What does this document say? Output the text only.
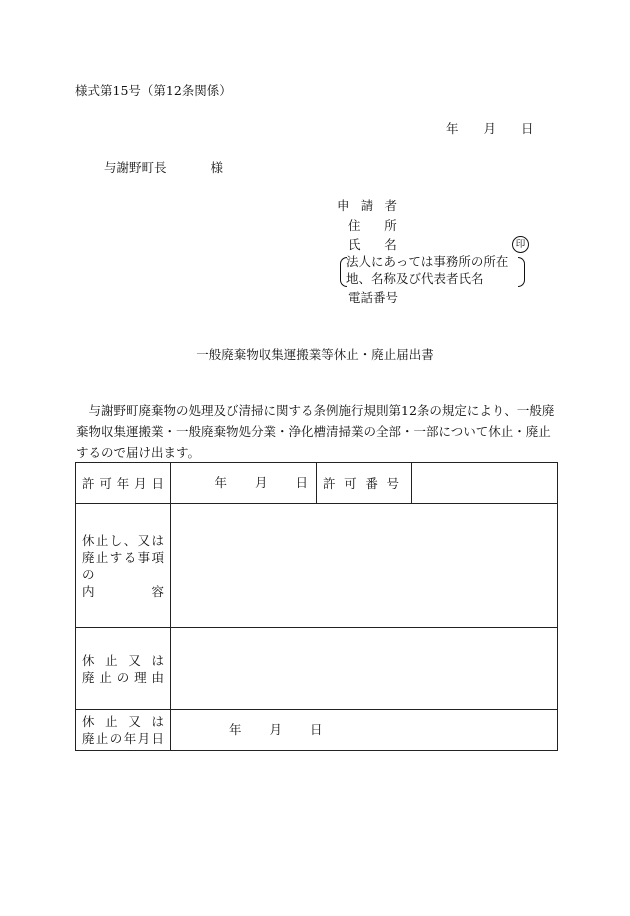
様式第15号（第12条関係）
年 月 日
与謝野町長	様
申請者
住所
氏名	印
法人にあっては事務所の所在
地、名称及び代表者氏名
電話番号
一般廃棄物収集運搬業等休止・廃止届出書
与謝野町廃棄物の処理及び清掃に関する条例施行規則第12条の規定により、一般廃棄物収集運搬業・一般廃棄物処分業・浄化槽清掃業の全部・一部について休止・廃止するので届け出ます。
許可年月日	年 月 日	許可番号	

休止し、又は
廃止する事項の
内 容			

休止又は
廃止の理由			

休止又は
廃止の年月日	年 月 日		
